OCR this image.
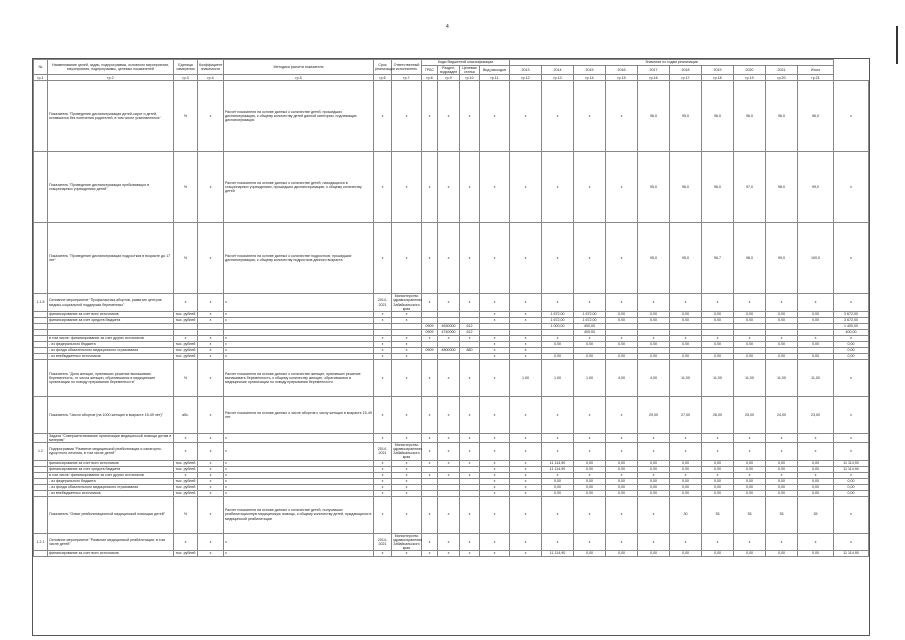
4
№	Наименование целей, задач, подпрограммы, основного мероприятия, мероприятия, подпрограммы, целевых показателей	Единица измерения	Коэффициент значимости	Методика расчета показателя	Срок реализации	Ответственный исполнитель	Коды бюджетной классификации				Значения по годам реализации										
							ГРБС	Раздел, подраздел	Целевая статья	Вид расходов	2013	2014	2015	2016	2017	2018	2019	2020	2021	Итого	
гр.1	гр.2	гр.3	гр.4	гр.5	гр.6	гр.7	гр.8	гр.9	гр.10	гр.11	гр.12	гр.13	гр.14	гр.15	гр.16	гр.17	гр.18	гр.19	гр.20	гр.21	
	Показатель "Проведение диспансеризации детей-сирот и детей, оставшихся без попечения родителей, в том числе усыновленных"	%	х	Расчет показателя на основе данных о количестве детей, прошедших диспансеризацию, к общему количеству детей данной категории, подлежащих диспансеризации	х	х	х	х	х	х	х	х	х	х	96,0	95,0	96,0	96,0	96,0	96,0	х
	Показатель "Проведение диспансеризации пребывающих в стационарных учреждениях детей"	%	х	Расчет показателя на основе данных о количестве детей, находящихся в стационарных учреждениях, прошедших диспансеризацию, к общему количеству детей	х	х	х	х	х	х	х	х	х	х	95,0	96,0	96,0	97,0	98,0	99,0	х
	Показатель "Проведение диспансеризации подростков в возрасте до 17 лет"	%	х	Расчет показателя на основе данных о количестве подростков, прошедших диспансеризацию, к общему количеству подростков данного возраста	х	х	х	х	х	х	х	х	х	х	95,0	95,0	96,7	98,0	99,0	100,0	х
1.1.5	Основное мероприятие "Профилактика абортов, развитие центров медико-социальной поддержки беременных"	х	х	х	2014-2021	Министерство здравоохранения Забайкальского края	х	х	х	х	х	х	х	х	х	х	х	х	х	х	х
	финансирование за счет всех источников	тыс. рублей	х	х	х	х				х	х	1 672,00	1 672,00	0,00	0,00	0,00	0,00	0,00	0,00	0,00	3 672,00
	финансирование за счет средств бюджета	тыс. рублей	х	х	х	х				х	х	1 672,00	1 672,00	0,00	0,00	0,00	0,00	0,00	0,00	0,00	3 672,00
							0909	4630000	612			1 000,00	400,00								1 400,00
							0909	4740000	612				400,00								400,00
	в том числе: финансирование за счет других источников	х	х	х	х	х	х	х	х	х	х	х	х	х	х	х	х	х	х	х	х
	- из федерального бюджета	тыс. рублей	х	х	х	х				х	х	0,00	0,00	0,00	0,00	0,00	0,00	0,00	0,00	0,00	0,00
	- из фонда обязательного медицинского страхования	тыс. рублей	х	х	х	х	0909	4800000	880	х	х										0,00
	- из внебюджетных источников	тыс. рублей	х	х	х	х				х	х	0,00	0,00	0,00	0,00	0,00	0,00	0,00	0,00	0,00	0,00
	Показатель "Доля женщин, принявших решение вынашивать беременность, от числа женщин, обратившихся в медицинские организации по поводу прерывания беременности"	%	х	Расчет показателя на основе данных о количестве женщин, принявших решение вынашивать беременность, к общему количеству женщин, обратившихся в медицинские организации по поводу прерывания беременности	х	х	х	х	х	х	1,00	1,00	1,00	4,00	4,00	11,00	11,00	11,00	11,00	11,00	х
	Показатель "Число абортов (на 1000 женщин в возрасте 15-49 лет)"	абс.	х	Расчет показателя на основе данных о числе абортов к числу женщин в возрасте 15-49 лет	х	х	х	х	х	х	х	х	х	х	29,00	27,00	26,00	25,00	24,00	23,00	х
	Задача "Совершенствование организации медицинской помощи детям и матерям"	х	х	х	х	х	х	х	х	х	х	х	х	х	х	х	х	х	х	х	х
1.2	Подпрограмма "Развитие медицинской реабилитации и санаторно-курортного лечения, в том числе детей"	х	х	х	2014-2021	Министерство здравоохранения Забайкальского края	х	х	х	х	х	х	х	х	х	х	х	х	х	х	х
	финансирование за счет всех источников	тыс. рублей	х	х	х	х	х	х	х	х	х	11 114,90	0,00	0,00	0,00	0,00	0,00	0,00	0,00	0,00	11 114,90
	финансирование за счет средств бюджета	тыс. рублей	х	х	х	х				х	х	11 114,90	0,00	0,00	0,00	0,00	0,00	0,00	0,00	0,00	11 114,90
	в том числе: финансирование за счет других источников	х	х	х	х	х	х	х	х	х	х	х	х	х	х	х	х	х	х	х	х
	- из федерального бюджета	тыс. рублей	х	х	х	х				х	х	0,00	0,00	0,00	0,00	0,00	0,00	0,00	0,00	0,00	0,00
	- из фонда обязательного медицинского страхования	тыс. рублей	х	х	х	х				х	х	0,00	0,00	0,00	0,00	0,00	0,00	0,00	0,00	0,00	0,00
	- из внебюджетных источников	тыс. рублей	х	х	х	х				х	х	0,00	0,00	0,00	0,00	0,00	0,00	0,00	0,00	0,00	0,00
	Показатель "Охват реабилитационной медицинской помощью детей"	%	х	Расчет показателя на основе данных о количестве детей, получивших реабилитационную медицинскую помощь, к общему количеству детей, нуждающихся в медицинской реабилитации	х	х	х	х	х	х	х	х	х	х	х	30	35	35	35	35	х
1.2.1	Основное мероприятие "Развитие медицинской реабилитации, в том числе детей"	х	х	х	2014-2021	Министерство здравоохранения Забайкальского края	х	х	х	х	х	х	х	х	х	х	х	х	х	х	х
	финансирование за счет всех источников	тыс. рублей	х	х	х	х	х	х	х	х	х	11 114,90	0,00	0,00	0,00	0,00	0,00	0,00	0,00	0,00	11 114,90
